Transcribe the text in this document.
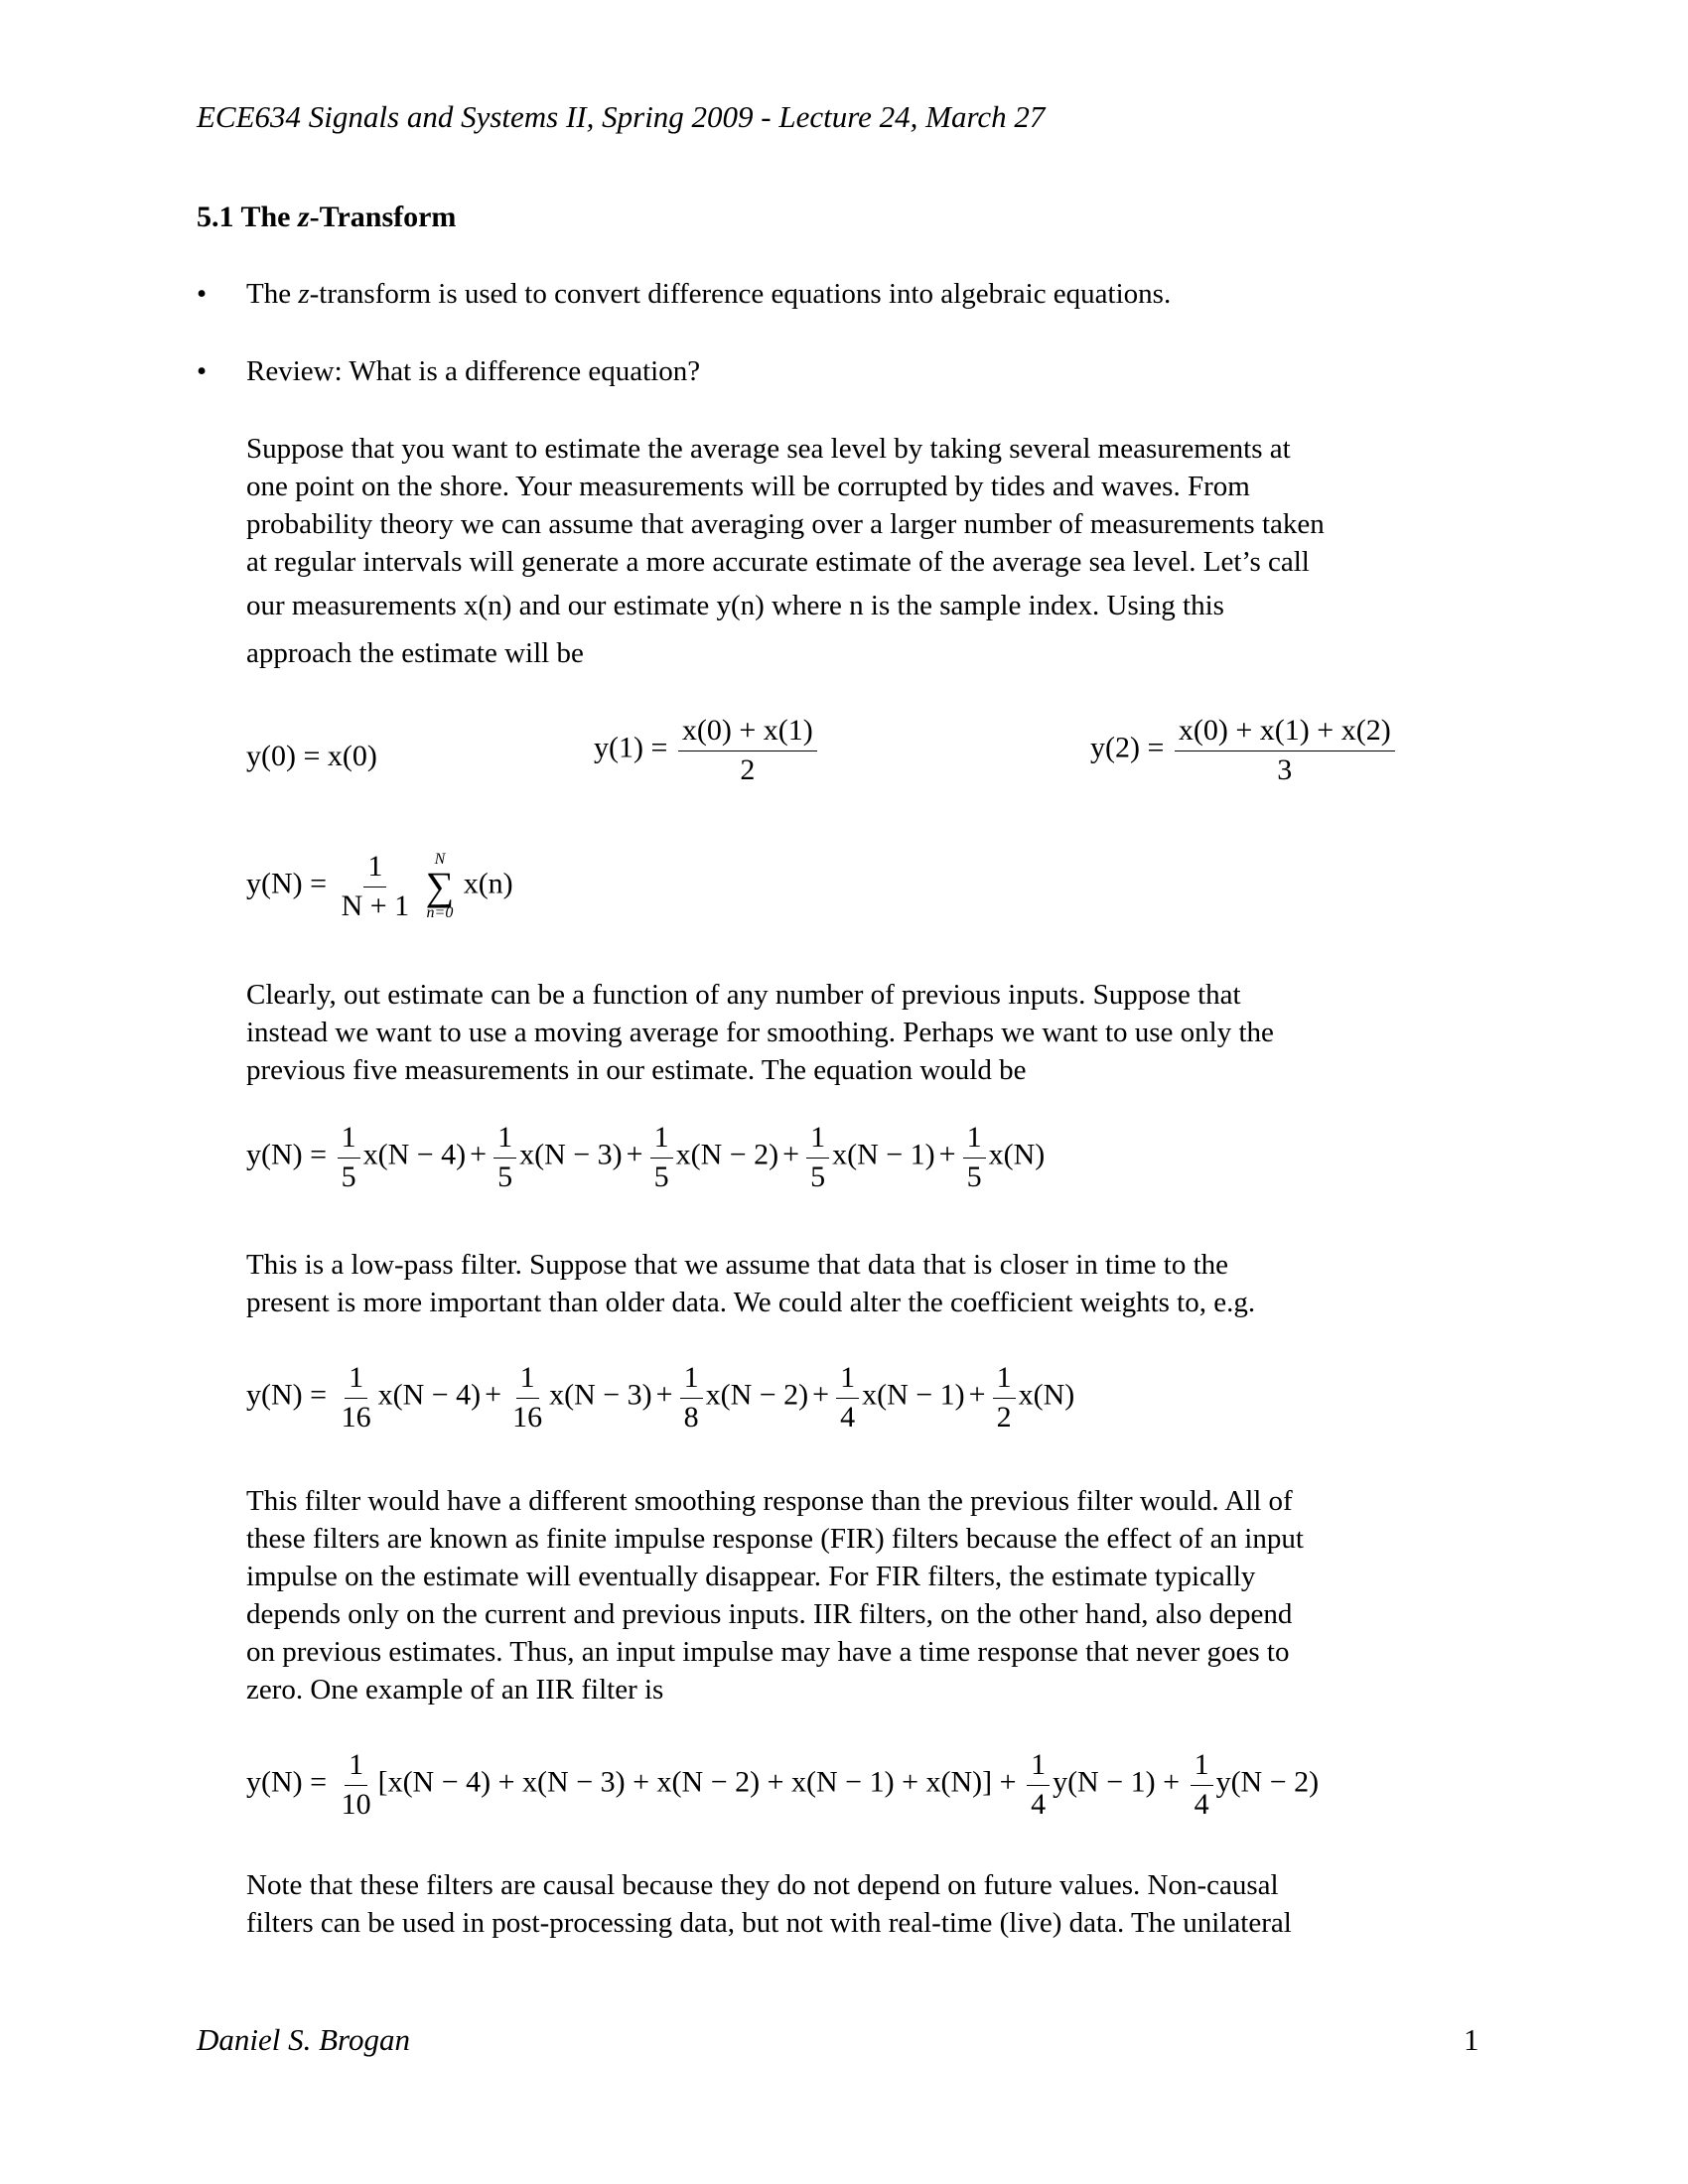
ECE634 Signals and Systems II, Spring 2009 - Lecture 24, March 27
5.1 The z-Transform
• The z-transform is used to convert difference equations into algebraic equations.
• Review: What is a difference equation?
Suppose that you want to estimate the average sea level by taking several measurements at
one point on the shore. Your measurements will be corrupted by tides and waves. From
probability theory we can assume that averaging over a larger number of measurements taken
at regular intervals will generate a more accurate estimate of the average sea level. Let’s call
our measurements x(n) and our estimate y(n) where n is the sample index. Using this
approach the estimate will be
y(0) = x(0)	$y(1) = \frac{x(0) + x(1)}{2}$	$y(2) = \frac{x(0) + x(1) + x(2)}{3}$
$y(N) = \frac{1}{N + 1}$
N
∑
n=0
x(n)
Clearly, out estimate can be a function of any number of previous inputs. Suppose that
instead we want to use a moving average for smoothing. Perhaps we want to use only the
previous five measurements in our estimate. The equation would be
$y(N) = \frac{1}{5} x(N - 4) + \frac{1}{5} x(N - 3) + \frac{1}{5} x(N - 2) + \frac{1}{5} x(N - 1) + \frac{1}{5} x(N)$
This is a low-pass filter. Suppose that we assume that data that is closer in time to the
present is more important than older data. We could alter the coefficient weights to, e.g.
$y(N) = \frac{1}{16} x(N - 4) + \frac{1}{16} x(N - 3) + \frac{1}{8} x(N - 2) + \frac{1}{4} x(N - 1) + \frac{1}{2} x(N)$
This filter would have a different smoothing response than the previous filter would. All of
these filters are known as finite impulse response (FIR) filters because the effect of an input
impulse on the estimate will eventually disappear. For FIR filters, the estimate typically
depends only on the current and previous inputs. IIR filters, on the other hand, also depend
on previous estimates. Thus, an input impulse may have a time response that never goes to
zero. One example of an IIR filter is
$y(N) = \frac{1}{10} [x(N - 4) + x(N - 3) + x(N - 2) + x(N - 1) + x(N)] + \frac{1}{4} y(N - 1) + \frac{1}{4} y(N - 2)$
Note that these filters are causal because they do not depend on future values. Non-causal
filters can be used in post-processing data, but not with real-time (live) data. The unilateral
Daniel S. Brogan	1
